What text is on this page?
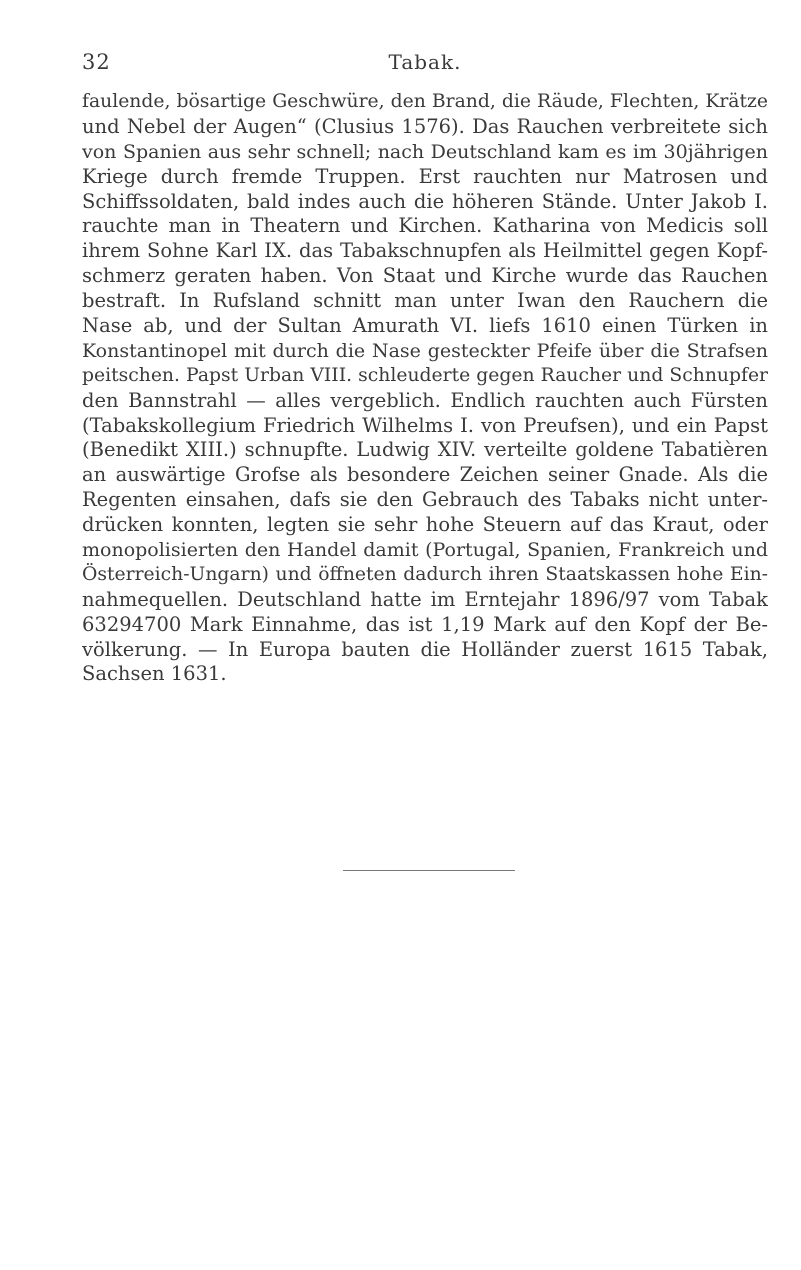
32	Tabak.
faulende, bösartige Geschwüre, den Brand, die Räude, Flechten, Krätze
und Nebel der Augen“ (Clusius 1576). Das Rauchen verbreitete sich
von Spanien aus sehr schnell; nach Deutschland kam es im 30jährigen
Kriege durch fremde Truppen. Erst rauchten nur Matrosen und
Schiffssoldaten, bald indes auch die höheren Stände. Unter Jakob I.
rauchte man in Theatern und Kirchen. Katharina von Medicis soll
ihrem Sohne Karl IX. das Tabakschnupfen als Heilmittel gegen Kopf-
schmerz geraten haben. Von Staat und Kirche wurde das Rauchen
bestraft. In Rufsland schnitt man unter Iwan den Rauchern die
Nase ab, und der Sultan Amurath VI. liefs 1610 einen Türken in
Konstantinopel mit durch die Nase gesteckter Pfeife über die Strafsen
peitschen. Papst Urban VIII. schleuderte gegen Raucher und Schnupfer
den Bannstrahl — alles vergeblich. Endlich rauchten auch Fürsten
(Tabakskollegium Friedrich Wilhelms I. von Preufsen), und ein Papst
(Benedikt XIII.) schnupfte. Ludwig XIV. verteilte goldene Tabatièren
an auswärtige Grofse als besondere Zeichen seiner Gnade. Als die
Regenten einsahen, dafs sie den Gebrauch des Tabaks nicht unter-
drücken konnten, legten sie sehr hohe Steuern auf das Kraut, oder
monopolisierten den Handel damit (Portugal, Spanien, Frankreich und
Österreich-Ungarn) und öffneten dadurch ihren Staatskassen hohe Ein-
nahmequellen. Deutschland hatte im Erntejahr 1896/97 vom Tabak
63294700 Mark Einnahme, das ist 1,19 Mark auf den Kopf der Be-
völkerung. — In Europa bauten die Holländer zuerst 1615 Tabak,
Sachsen 1631.
